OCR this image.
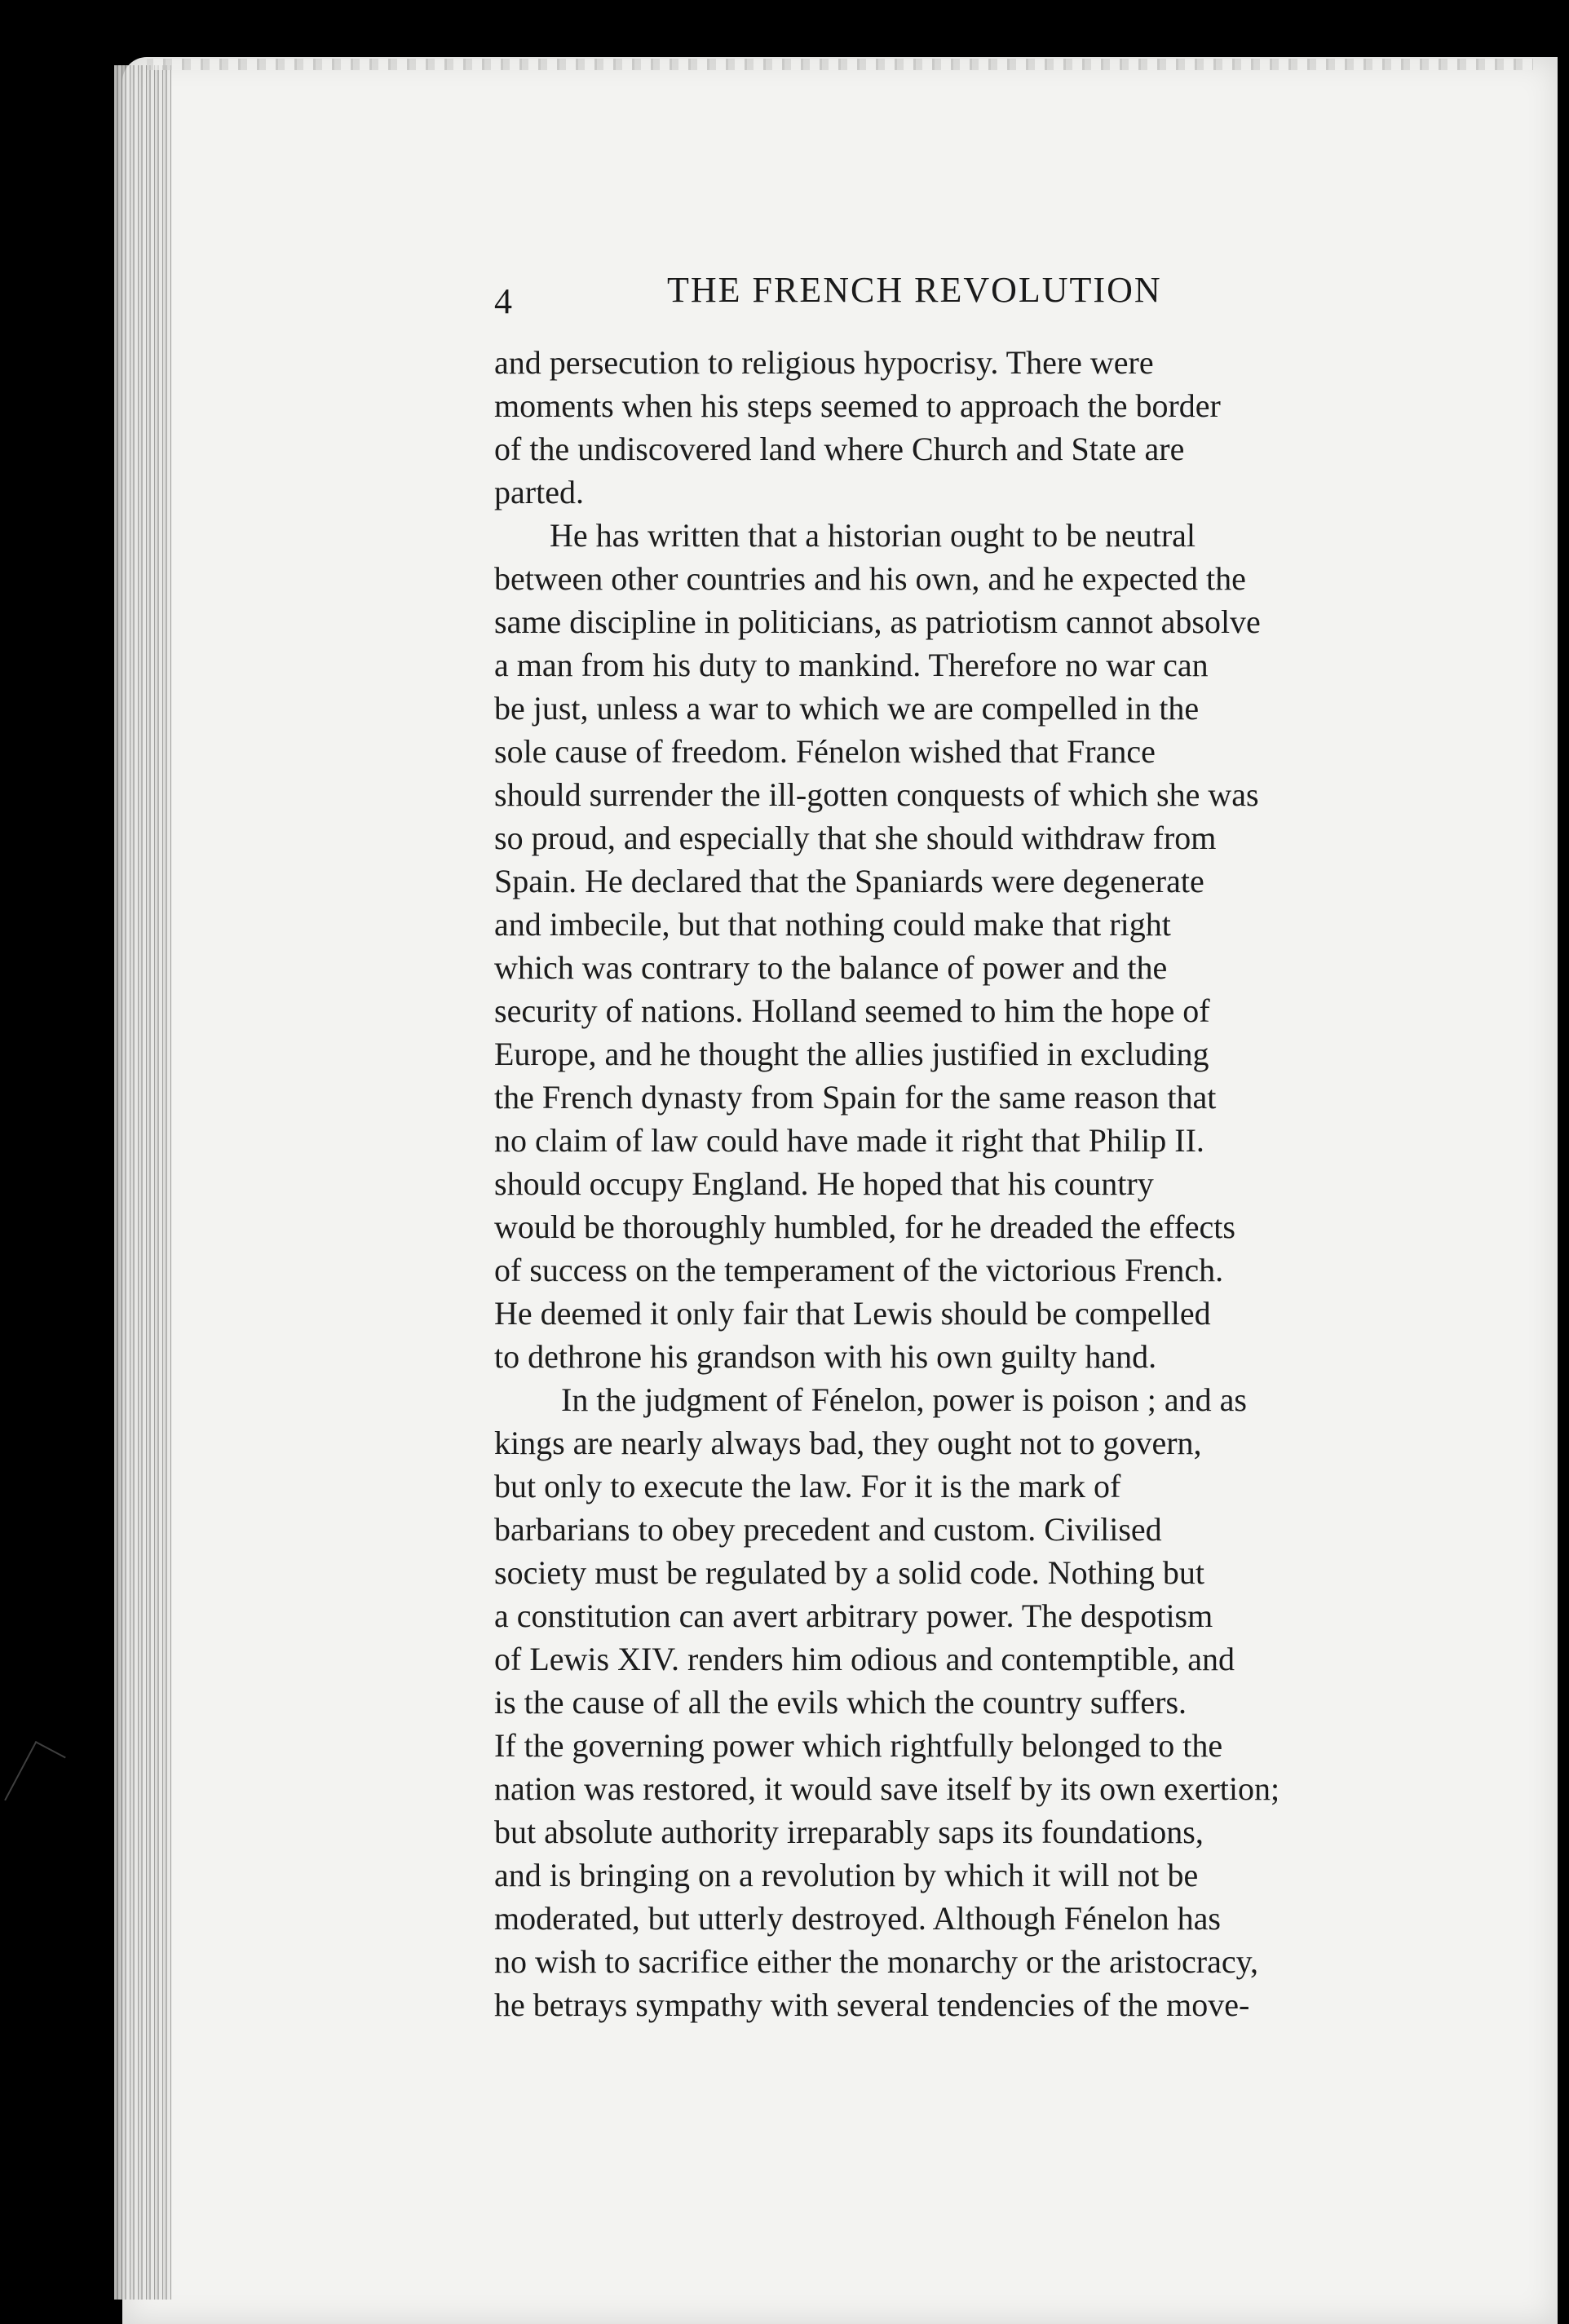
4	THE FRENCH REVOLUTION

and persecution to religious hypocrisy. There were
moments when his steps seemed to approach the border
of the undiscovered land where Church and State are
parted.

He has written that a historian ought to be neutral
between other countries and his own, and he expected the
same discipline in politicians, as patriotism cannot absolve
a man from his duty to mankind. Therefore no war can
be just, unless a war to which we are compelled in the
sole cause of freedom. Fénelon wished that France
should surrender the ill-gotten conquests of which she was
so proud, and especially that she should withdraw from
Spain. He declared that the Spaniards were degenerate
and imbecile, but that nothing could make that right
which was contrary to the balance of power and the
security of nations. Holland seemed to him the hope of
Europe, and he thought the allies justified in excluding
the French dynasty from Spain for the same reason that
no claim of law could have made it right that Philip II.
should occupy England. He hoped that his country
would be thoroughly humbled, for he dreaded the effects
of success on the temperament of the victorious French.
He deemed it only fair that Lewis should be compelled
to dethrone his grandson with his own guilty hand.

In the judgment of Fénelon, power is poison ; and as
kings are nearly always bad, they ought not to govern,
but only to execute the law. For it is the mark of
barbarians to obey precedent and custom. Civilised
society must be regulated by a solid code. Nothing but
a constitution can avert arbitrary power. The despotism
of Lewis XIV. renders him odious and contemptible, and
is the cause of all the evils which the country suffers.
If the governing power which rightfully belonged to the
nation was restored, it would save itself by its own exertion;
but absolute authority irreparably saps its foundations,
and is bringing on a revolution by which it will not be
moderated, but utterly destroyed. Although Fénelon has
no wish to sacrifice either the monarchy or the aristocracy,
he betrays sympathy with several tendencies of the move-
